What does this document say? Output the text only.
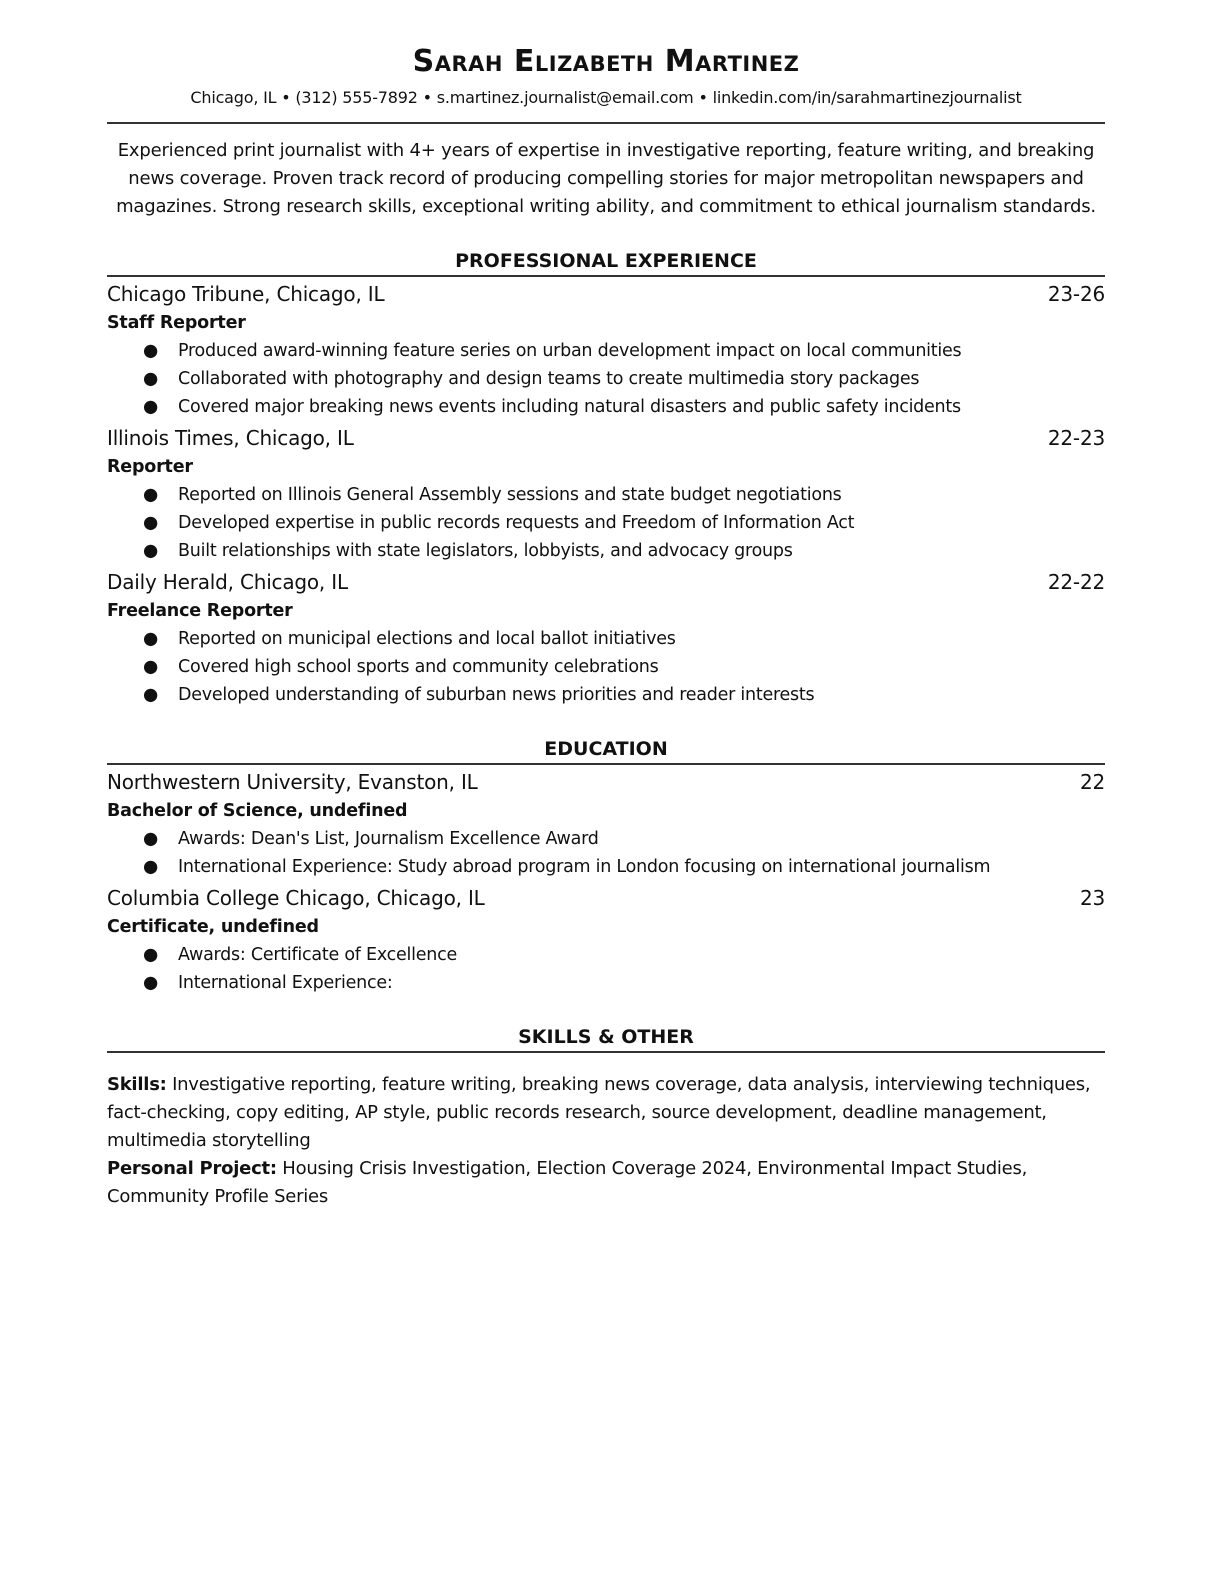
Sarah Elizabeth Martinez
Chicago, IL • (312) 555-7892 • s.martinez.journalist@email.com • linkedin.com/in/sarahmartinezjournalist
Experienced print journalist with 4+ years of expertise in investigative reporting, feature writing, and breaking news coverage. Proven track record of producing compelling stories for major metropolitan newspapers and magazines. Strong research skills, exceptional writing ability, and commitment to ethical journalism standards.
PROFESSIONAL EXPERIENCE
Chicago Tribune, Chicago, IL	23-26
Staff Reporter
● Produced award-winning feature series on urban development impact on local communities
● Collaborated with photography and design teams to create multimedia story packages
● Covered major breaking news events including natural disasters and public safety incidents
Illinois Times, Chicago, IL	22-23
Reporter
● Reported on Illinois General Assembly sessions and state budget negotiations
● Developed expertise in public records requests and Freedom of Information Act
● Built relationships with state legislators, lobbyists, and advocacy groups
Daily Herald, Chicago, IL	22-22
Freelance Reporter
● Reported on municipal elections and local ballot initiatives
● Covered high school sports and community celebrations
● Developed understanding of suburban news priorities and reader interests
EDUCATION
Northwestern University, Evanston, IL	22
Bachelor of Science, undefined
● Awards: Dean's List, Journalism Excellence Award
● International Experience: Study abroad program in London focusing on international journalism
Columbia College Chicago, Chicago, IL	23
Certificate, undefined
● Awards: Certificate of Excellence
● International Experience:
SKILLS & OTHER
Skills: Investigative reporting, feature writing, breaking news coverage, data analysis, interviewing techniques, fact-checking, copy editing, AP style, public records research, source development, deadline management, multimedia storytelling
Personal Project: Housing Crisis Investigation, Election Coverage 2024, Environmental Impact Studies, Community Profile Series
